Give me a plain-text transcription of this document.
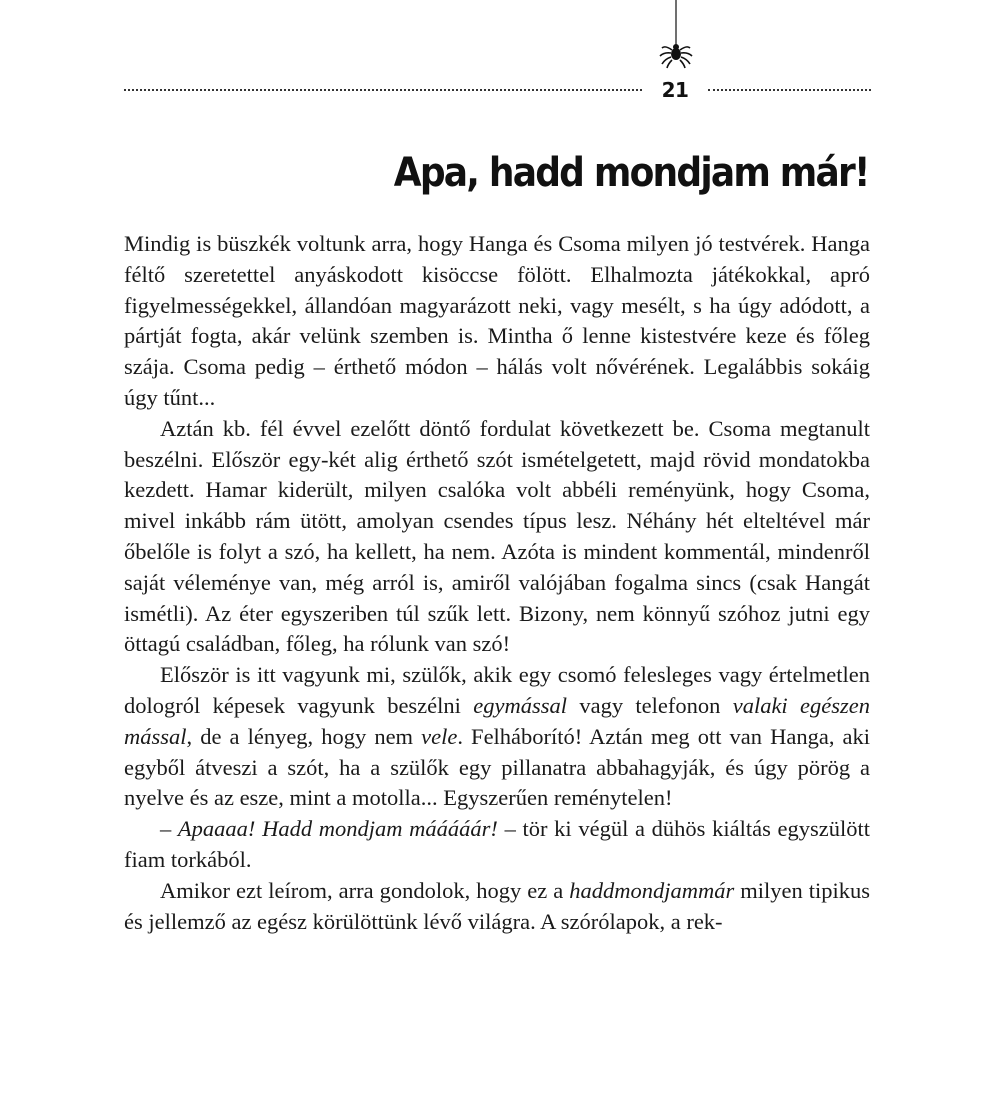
21
Apa, hadd mondjam már!

Mindig is büszkék voltunk arra, hogy Hanga és Csoma milyen jó testvérek. Hanga féltő szeretettel anyáskodott kisöccse fölött. Elhalmozta játékokkal, apró figyelmességekkel, állandóan magyarázott neki, vagy mesélt, s ha úgy adódott, a pártját fogta, akár velünk szemben is. Mintha ő lenne kistestvére keze és főleg szája. Csoma pedig – érthető módon – hálás volt nővérének. Legalábbis sokáig úgy tűnt...

Aztán kb. fél évvel ezelőtt döntő fordulat következett be. Csoma megtanult beszélni. Először egy-két alig érthető szót ismételgetett, majd rövid mondatokba kezdett. Hamar kiderült, milyen csalóka volt abbéli reményünk, hogy Csoma, mivel inkább rám ütött, amolyan csendes típus lesz. Néhány hét elteltével már őbelőle is folyt a szó, ha kellett, ha nem. Azóta is mindent kommentál, mindenről saját véleménye van, még arról is, amiről valójában fogalma sincs (csak Hangát ismétli). Az éter egyszeriben túl szűk lett. Bizony, nem könnyű szóhoz jutni egy öttagú családban, főleg, ha rólunk van szó!

Először is itt vagyunk mi, szülők, akik egy csomó felesleges vagy értelmetlen dologról képesek vagyunk beszélni egymással vagy telefonon valaki egészen mással, de a lényeg, hogy nem vele. Felháborító! Aztán meg ott van Hanga, aki egyből átveszi a szót, ha a szülők egy pillanatra abbahagyják, és úgy pörög a nyelve és az esze, mint a motolla... Egyszerűen reménytelen!

– Apaaaa! Hadd mondjam mááááár! – tör ki végül a dühös kiáltás egyszülött fiam torkából.

Amikor ezt leírom, arra gondolok, hogy ez a haddmondjammár milyen tipikus és jellemző az egész körülöttünk lévő világra. A szórólapok, a rek-
